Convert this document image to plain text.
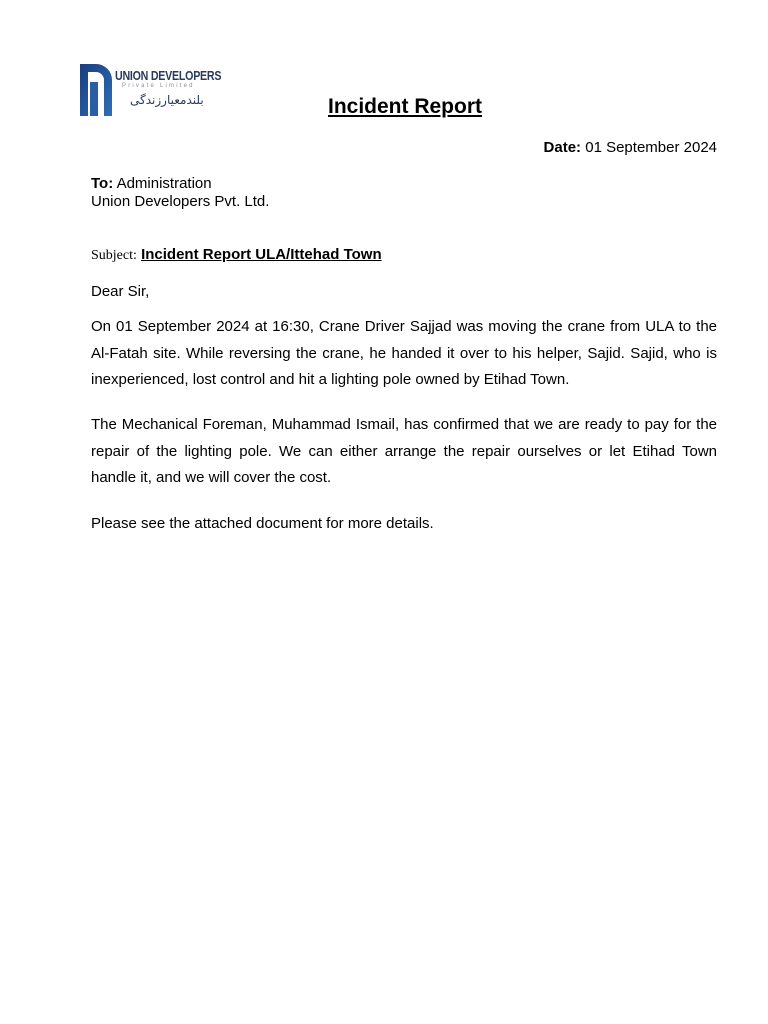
UNION DEVELOPERS
Private Limited
بلندمعیارزندگی	Incident Report
Date: 01 September 2024
To: Administration
Union Developers Pvt. Ltd.
Subject: Incident Report ULA/Ittehad Town
Dear Sir,

On 01 September 2024 at 16:30, Crane Driver Sajjad was moving the crane from ULA to the Al-Fatah site. While reversing the crane, he handed it over to his helper, Sajid. Sajid, who is inexperienced, lost control and hit a lighting pole owned by Etihad Town.

The Mechanical Foreman, Muhammad Ismail, has confirmed that we are ready to pay for the repair of the lighting pole. We can either arrange the repair ourselves or let Etihad Town handle it, and we will cover the cost.

Please see the attached document for more details.
